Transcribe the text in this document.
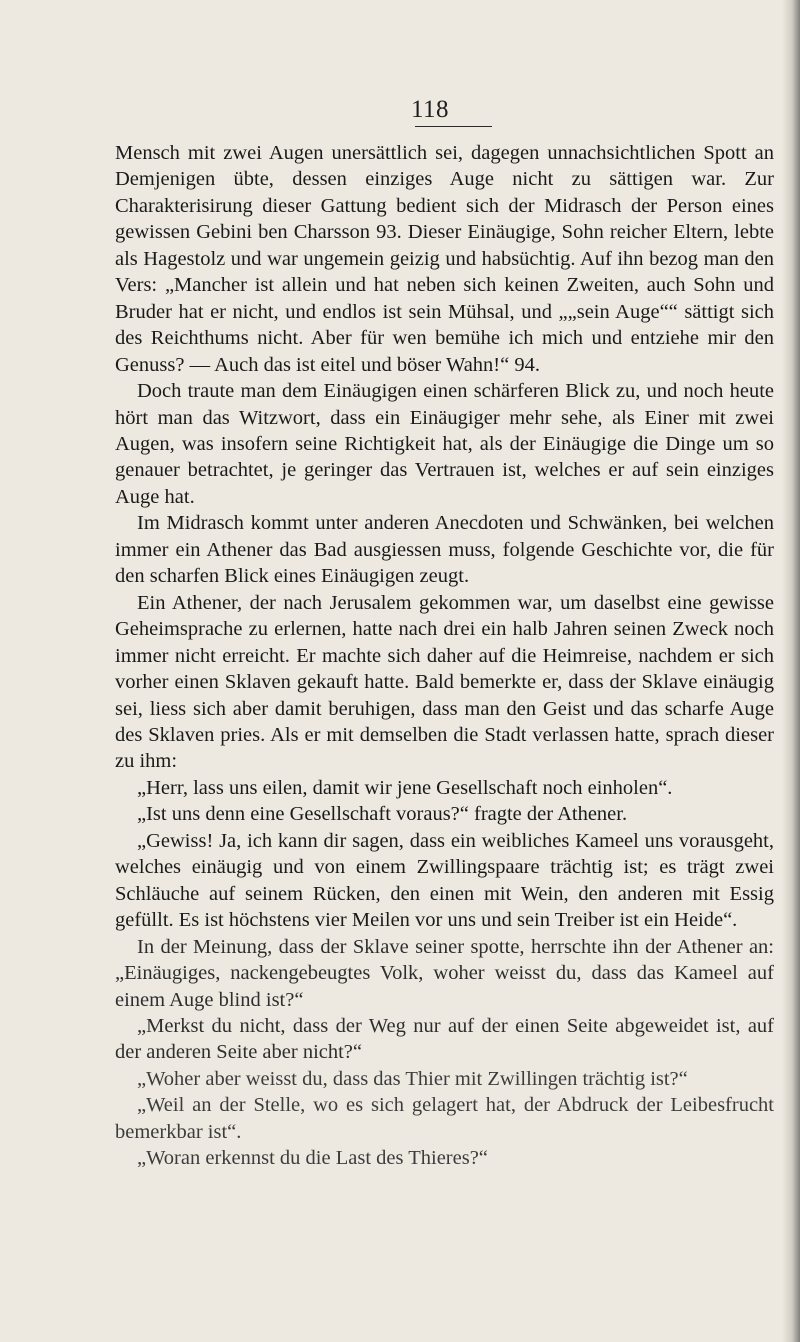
118

Mensch mit zwei Augen unersättlich sei, dagegen unnachsichtlichen Spott an Demjenigen übte, dessen einziges Auge nicht zu sättigen war. Zur Charakterisirung dieser Gattung bedient sich der Midrasch der Person eines gewissen Gebini ben Charsson 93. Dieser Einäugige, Sohn reicher Eltern, lebte als Hagestolz und war ungemein geizig und habsüchtig. Auf ihn bezog man den Vers: „Mancher ist allein und hat neben sich keinen Zweiten, auch Sohn und Bruder hat er nicht, und endlos ist sein Mühsal, und „„sein Auge““ sättigt sich des Reichthums nicht. Aber für wen bemühe ich mich und entziehe mir den Genuss? — Auch das ist eitel und böser Wahn!“ 94.

Doch traute man dem Einäugigen einen schärferen Blick zu, und noch heute hört man das Witzwort, dass ein Einäugiger mehr sehe, als Einer mit zwei Augen, was insofern seine Richtigkeit hat, als der Einäugige die Dinge um so genauer betrachtet, je geringer das Vertrauen ist, welches er auf sein einziges Auge hat.

Im Midrasch kommt unter anderen Anecdoten und Schwänken, bei welchen immer ein Athener das Bad ausgiessen muss, folgende Geschichte vor, die für den scharfen Blick eines Einäugigen zeugt.

Ein Athener, der nach Jerusalem gekommen war, um daselbst eine gewisse Geheimsprache zu erlernen, hatte nach drei ein halb Jahren seinen Zweck noch immer nicht erreicht. Er machte sich daher auf die Heimreise, nachdem er sich vorher einen Sklaven gekauft hatte. Bald bemerkte er, dass der Sklave einäugig sei, liess sich aber damit beruhigen, dass man den Geist und das scharfe Auge des Sklaven pries. Als er mit demselben die Stadt verlassen hatte, sprach dieser zu ihm:

„Herr, lass uns eilen, damit wir jene Gesellschaft noch einholen“.

„Ist uns denn eine Gesellschaft voraus?“ fragte der Athener.

„Gewiss! Ja, ich kann dir sagen, dass ein weibliches Kameel uns vorausgeht, welches einäugig und von einem Zwillingspaare trächtig ist; es trägt zwei Schläuche auf seinem Rücken, den einen mit Wein, den anderen mit Essig gefüllt. Es ist höchstens vier Meilen vor uns und sein Treiber ist ein Heide“.

In der Meinung, dass der Sklave seiner spotte, herrschte ihn der Athener an: „Einäugiges, nackengebeugtes Volk, woher weisst du, dass das Kameel auf einem Auge blind ist?“

„Merkst du nicht, dass der Weg nur auf der einen Seite abgeweidet ist, auf der anderen Seite aber nicht?“

„Woher aber weisst du, dass das Thier mit Zwillingen trächtig ist?“

„Weil an der Stelle, wo es sich gelagert hat, der Abdruck der Leibesfrucht bemerkbar ist“.

„Woran erkennst du die Last des Thieres?“
